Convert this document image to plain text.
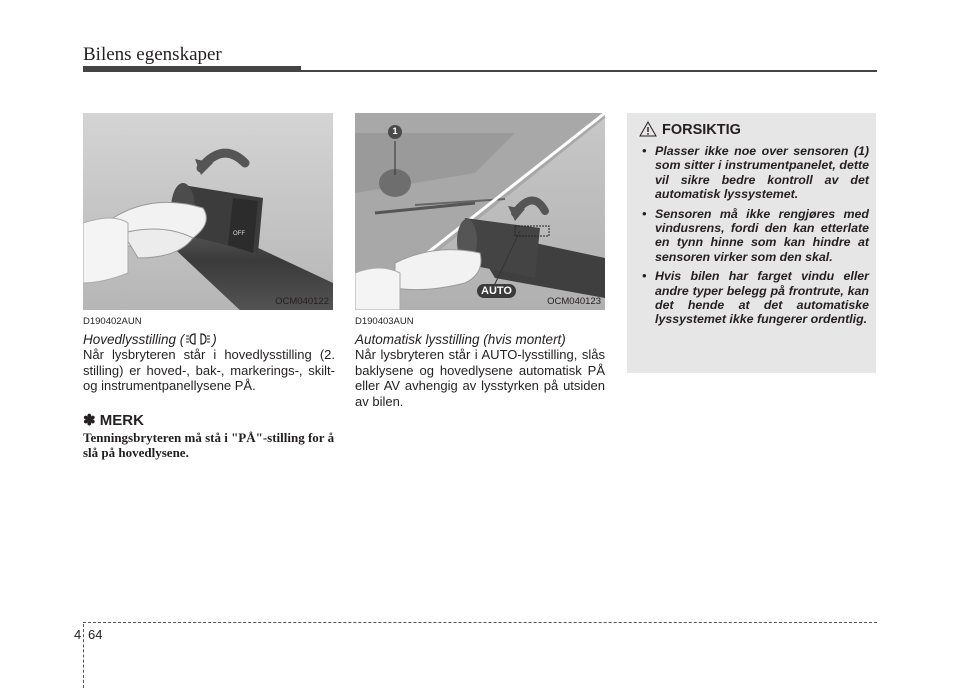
Bilens egenskaper
☼
OFF
OCM040122
1
AUTO
OCM040123
D190402AUN
Hovedlysstilling ( )
Når lysbryteren står i hovedlysstilling (2. stilling) er hoved-, bak-, markerings-, skilt- og instrumentpanellysene PÅ.
✽ MERK
Tenningsbryteren må stå i "PÅ"-stilling for å slå på hovedlysene.
D190403AUN
Automatisk lysstilling (hvis montert)
Når lysbryteren står i AUTO-lysstilling, slås baklysene og hovedlysene automatisk PÅ eller AV avhengig av lysstyrken på utsiden av bilen.
FORSIKTIG
• Plasser ikke noe over sensoren (1) som sitter i instrumentpanelet, dette vil sikre bedre kontroll av det automatisk lyssystemet.
• Sensoren må ikke rengjøres med vindusrens, fordi den kan etterlate en tynn hinne som kan hindre at sensoren virker som den skal.
• Hvis bilen har farget vindu eller andre typer belegg på frontrute, kan det hende at det automatiske lyssystemet ikke fungerer ordentlig.
4 64
